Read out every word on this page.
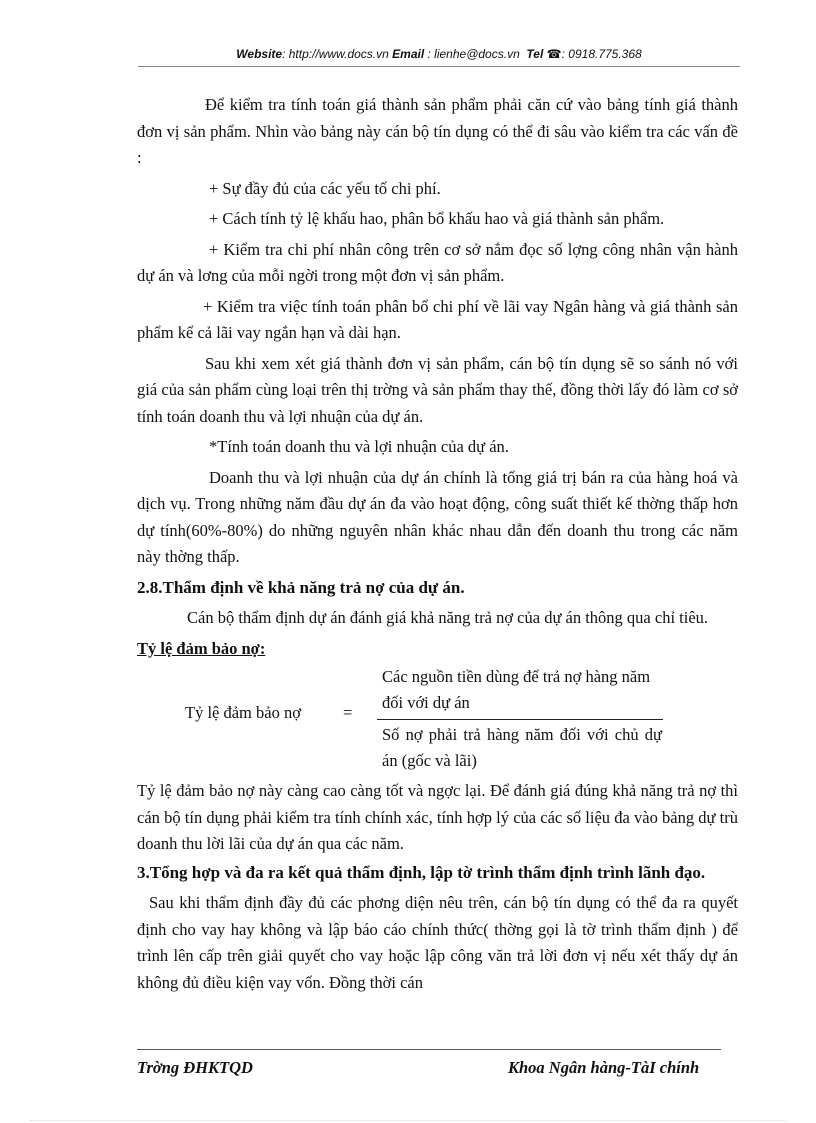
Website: http://www.docs.vn Email : lienhe@docs.vn Tel ☎: 0918.775.368

Để kiểm tra tính toán giá thành sản phẩm phải căn cứ vào bảng tính giá thành đơn vị sản phẩm. Nhìn vào bảng này cán bộ tín dụng có thể đi sâu vào kiểm tra các vấn đề :

+ Sự đầy đủ của các yếu tố chi phí.

+ Cách tính tỷ lệ khấu hao, phân bổ khấu hao và giá thành sản phẩm.

+ Kiểm tra chi phí nhân công trên cơ sở nắm đọc số lợng công nhân vận hành dự án và lơng của mỗi ngời trong một đơn vị sản phẩm.

+ Kiểm tra việc tính toán phân bổ chi phí về lãi vay Ngân hàng và giá thành sản phẩm kể cả lãi vay ngắn hạn và dài hạn.

Sau khi xem xét giá thành đơn vị sản phẩm, cán bộ tín dụng sẽ so sánh nó với giá của sản phẩm cùng loại trên thị trờng và sản phẩm thay thế, đồng thời lấy đó làm cơ sở tính toán doanh thu và lợi nhuận của dự án.

*Tính toán doanh thu và lợi nhuận của dự án.

Doanh thu và lợi nhuận của dự án chính là tổng giá trị bán ra của hàng hoá và dịch vụ. Trong những năm đầu dự án đa vào hoạt động, công suất thiết kế thờng thấp hơn dự tính(60%-80%) do những nguyên nhân khác nhau dẫn đến doanh thu trong các năm này thờng thấp.

2.8.Thẩm định về khả năng trả nợ của dự án.

Cán bộ thẩm định dự án đánh giá khả năng trả nợ của dự án thông qua chỉ tiêu.

Tỷ lệ đảm bảo nợ:

Tỷ lệ đảm bảo nợ	=
Các nguồn tiền dùng để trả nợ hàng năm đối với dự án
Số nợ phải trả hàng năm đối với chủ dự án (gốc và lãi)

Tỷ lệ đảm bảo nợ này càng cao càng tốt và ngợc lại. Để đánh giá đúng khả năng trả nợ thì cán bộ tín dụng phải kiểm tra tính chính xác, tính hợp lý của các số liệu đa vào bảng dự trù doanh thu lời lãi của dự án qua các năm.

3.Tổng hợp và đa ra kết quả thẩm định, lập tờ trình thẩm định trình lãnh đạo.

Sau khi thẩm định đầy đủ các phơng diện nêu trên, cán bộ tín dụng có thể đa ra quyết định cho vay hay không và lập báo cáo chính thức( thờng gọi là tờ trình thẩm định ) để trình lên cấp trên giải quyết cho vay hoặc lập công văn trả lời đơn vị nếu xét thấy dự án không đủ điều kiện vay vốn. Đồng thời cán

Trờng ĐHKTQD	Khoa Ngân hàng-TàI chính
